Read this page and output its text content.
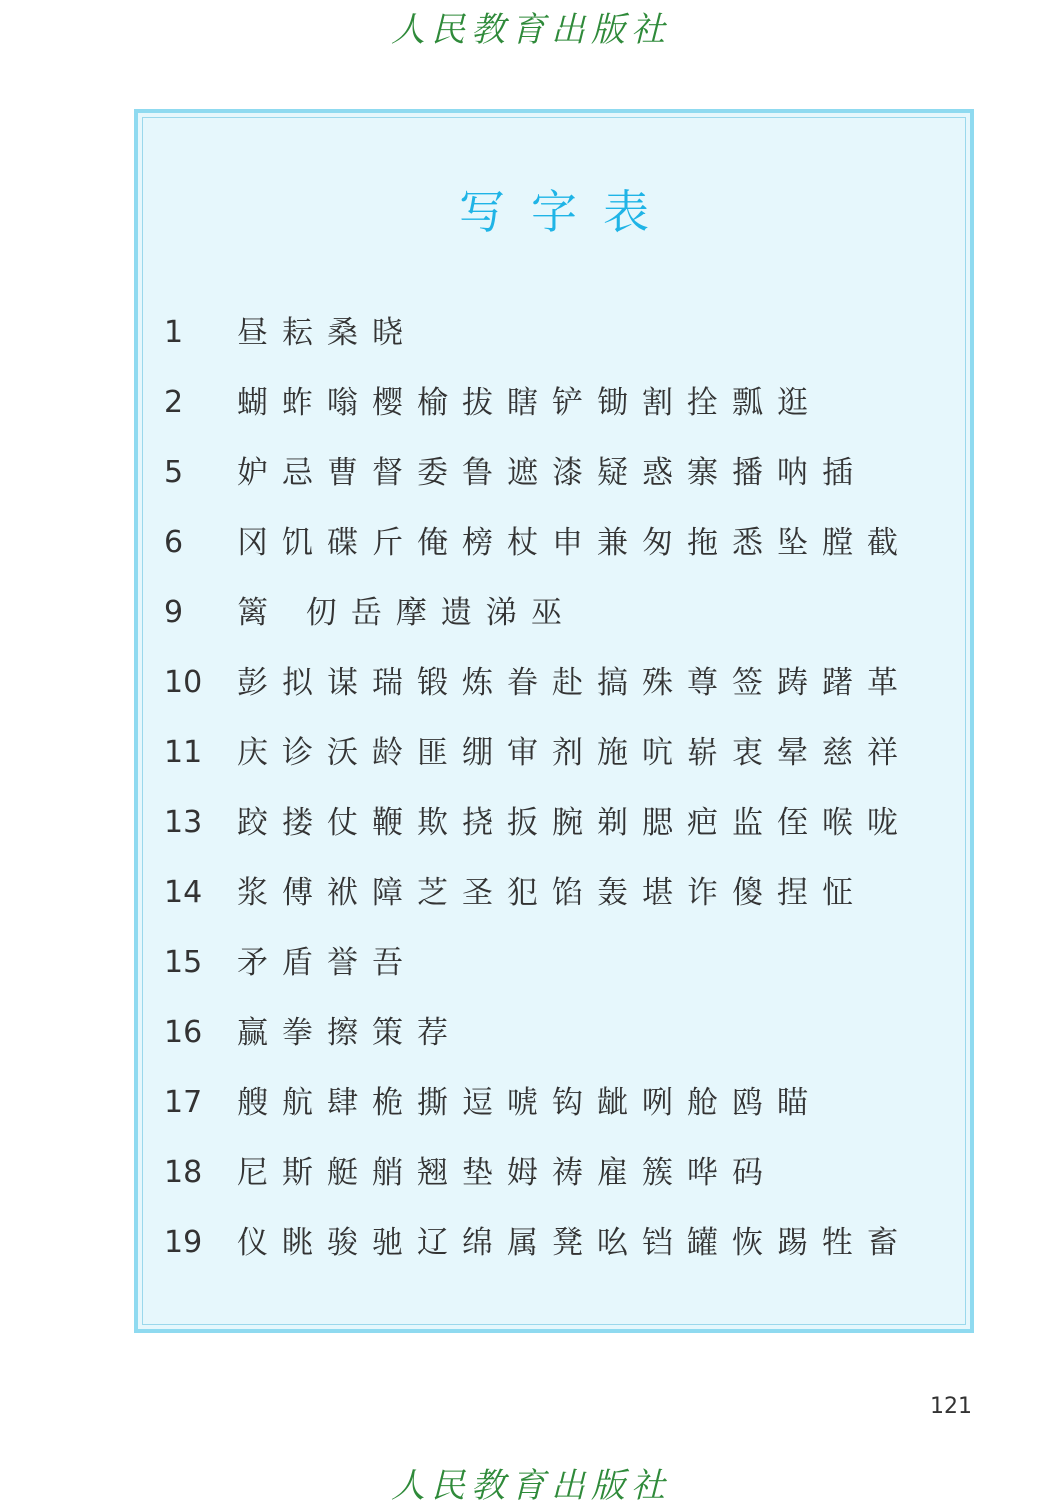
人民教育出版社
写字表
1	昼耘桑晓
2	蝴蚱嗡樱榆拔瞎铲锄割拴瓢逛
5	妒忌曹督委鲁遮漆疑惑寨播呐插
6	冈饥碟斤俺榜杖申兼匆拖悉坠膛截
9	篱 仞岳摩遗涕巫
10	彭拟谋瑞锻炼眷赴搞殊尊签踌躇革
11	庆诊沃龄匪绷审剂施吭崭衷晕慈祥
13	跤搂仗鞭欺挠扳腕剃腮疤监侄喉咙
14	浆傅袱障芝圣犯馅轰堪诈傻捏怔
15	矛盾誉吾
16	赢拳擦策荐
17	艘航肆桅撕逗唬钩龇咧舱鸥瞄
18	尼斯艇艄翘垫姆祷雇簇哗码
19	仪眺骏驰辽绵属凳吆铛罐恢踢牲畜
121
人民教育出版社
